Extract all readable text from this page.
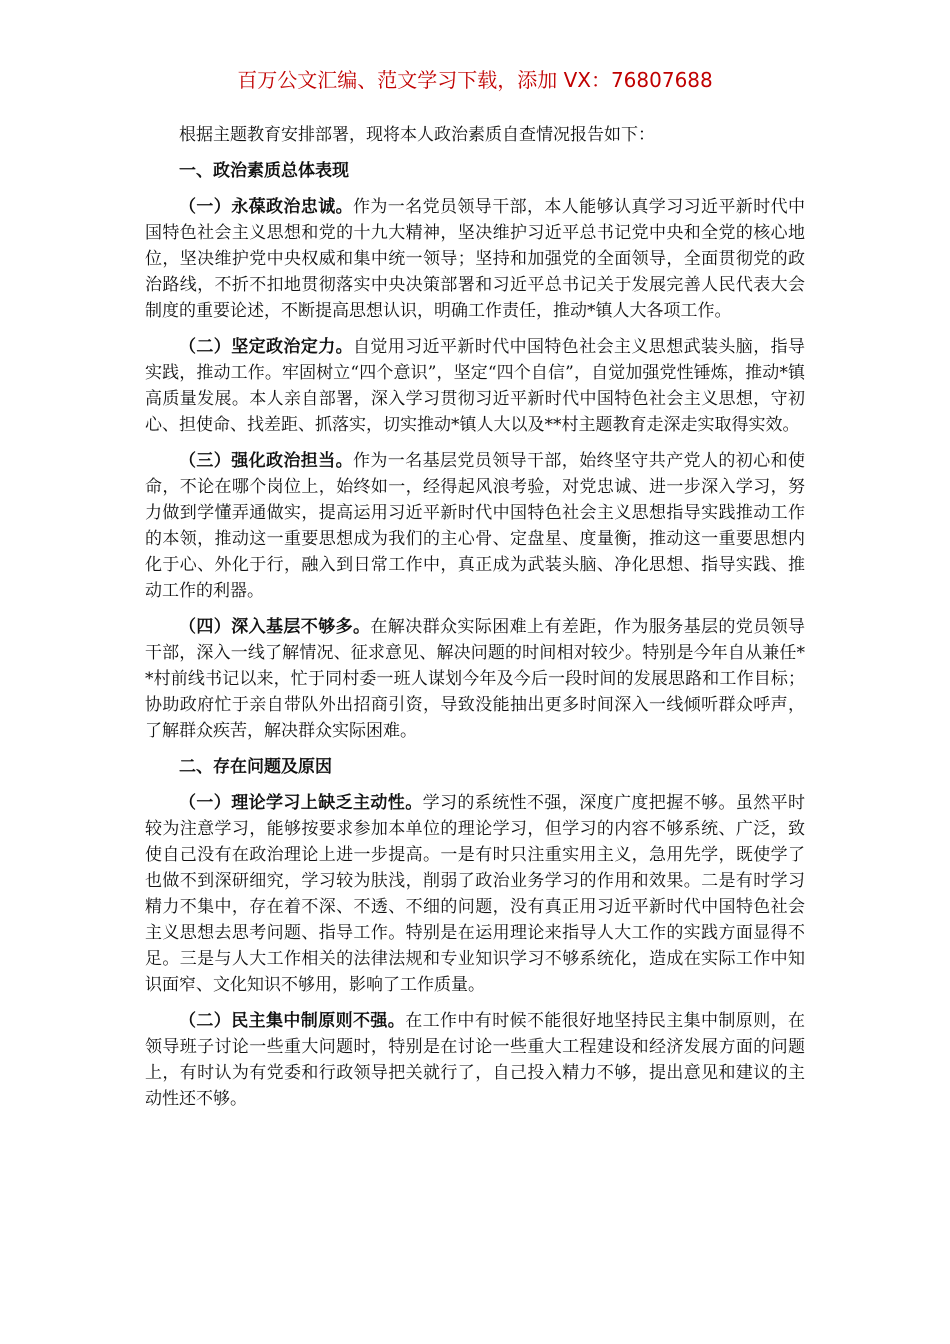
百万公文汇编、范文学习下载，添加 VX：76807688

根据主题教育安排部署，现将本人政治素质自查情况报告如下：

一、政治素质总体表现

（一）永葆政治忠诚。作为一名党员领导干部，本人能够认真学习习近平新时代中国特色社会主义思想和党的十九大精神，坚决维护习近平总书记党中央和全党的核心地位，坚决维护党中央权威和集中统一领导；坚持和加强党的全面领导，全面贯彻党的政治路线，不折不扣地贯彻落实中央决策部署和习近平总书记关于发展完善人民代表大会制度的重要论述，不断提高思想认识，明确工作责任，推动*镇人大各项工作。

（二）坚定政治定力。自觉用习近平新时代中国特色社会主义思想武装头脑，指导实践，推动工作。牢固树立“四个意识”，坚定“四个自信”，自觉加强党性锤炼，推动*镇高质量发展。本人亲自部署，深入学习贯彻习近平新时代中国特色社会主义思想，守初心、担使命、找差距、抓落实，切实推动*镇人大以及**村主题教育走深走实取得实效。

（三）强化政治担当。作为一名基层党员领导干部，始终坚守共产党人的初心和使命，不论在哪个岗位上，始终如一，经得起风浪考验，对党忠诚、进一步深入学习，努力做到学懂弄通做实，提高运用习近平新时代中国特色社会主义思想指导实践推动工作的本领，推动这一重要思想成为我们的主心骨、定盘星、度量衡，推动这一重要思想内化于心、外化于行，融入到日常工作中，真正成为武装头脑、净化思想、指导实践、推动工作的利器。

（四）深入基层不够多。在解决群众实际困难上有差距，作为服务基层的党员领导干部，深入一线了解情况、征求意见、解决问题的时间相对较少。特别是今年自从兼任**村前线书记以来，忙于同村委一班人谋划今年及今后一段时间的发展思路和工作目标；协助政府忙于亲自带队外出招商引资，导致没能抽出更多时间深入一线倾听群众呼声，了解群众疾苦，解决群众实际困难。

二、存在问题及原因

（一）理论学习上缺乏主动性。学习的系统性不强，深度广度把握不够。虽然平时较为注意学习，能够按要求参加本单位的理论学习，但学习的内容不够系统、广泛，致使自己没有在政治理论上进一步提高。一是有时只注重实用主义，急用先学，既使学了也做不到深研细究，学习较为肤浅，削弱了政治业务学习的作用和效果。二是有时学习精力不集中，存在着不深、不透、不细的问题，没有真正用习近平新时代中国特色社会主义思想去思考问题、指导工作。特别是在运用理论来指导人大工作的实践方面显得不足。三是与人大工作相关的法律法规和专业知识学习不够系统化，造成在实际工作中知识面窄、文化知识不够用，影响了工作质量。

（二）民主集中制原则不强。在工作中有时候不能很好地坚持民主集中制原则，在领导班子讨论一些重大问题时，特别是在讨论一些重大工程建设和经济发展方面的问题上，有时认为有党委和行政领导把关就行了，自己投入精力不够，提出意见和建议的主动性还不够。
